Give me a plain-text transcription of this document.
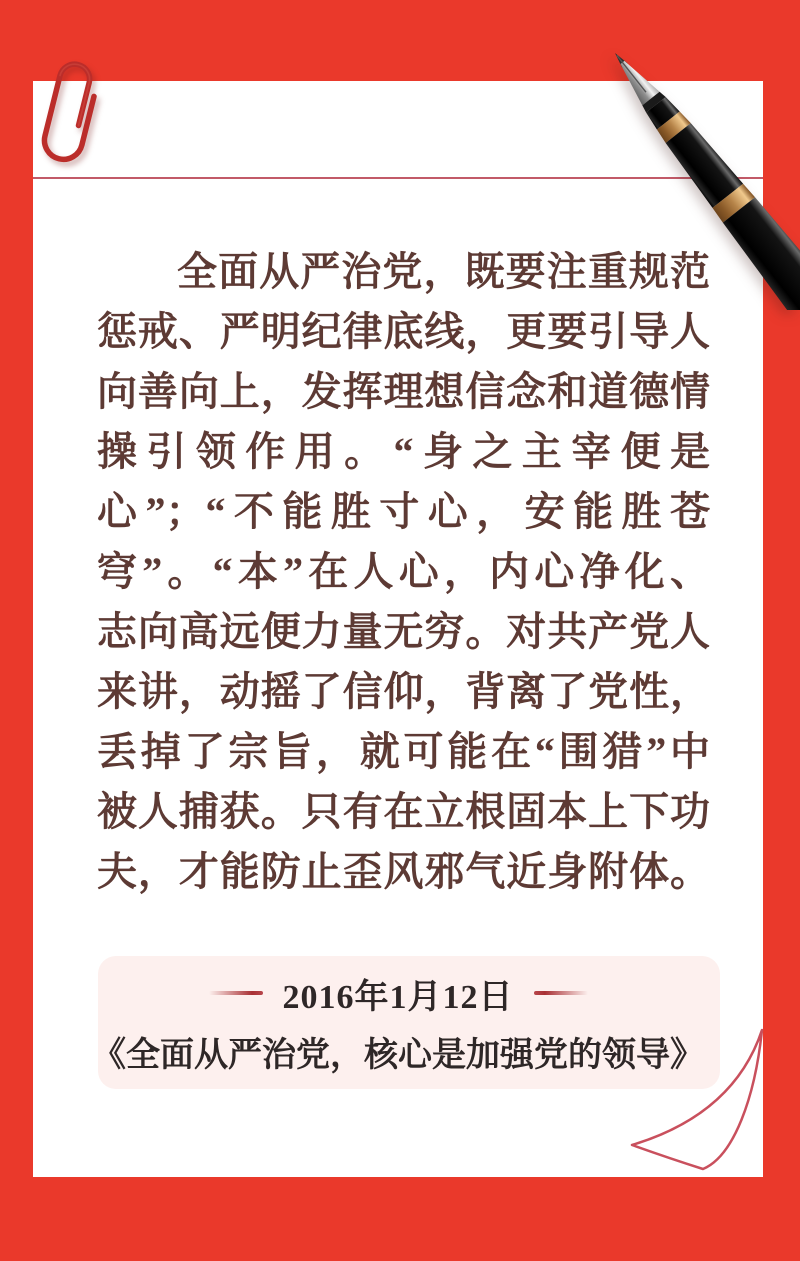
全面从严治党，既要注重规范
惩戒、严明纪律底线，更要引导人
向善向上，发挥理想信念和道德情
操引领作用。“身之主宰便是
心”；“不能胜寸心，安能胜苍
穹”。“本”在人心，内心净化、
志向高远便力量无穷。对共产党人
来讲，动摇了信仰，背离了党性，
丢掉了宗旨，就可能在“围猎”中
被人捕获。只有在立根固本上下功
夫，才能防止歪风邪气近身附体。
2016年1月12日
《全面从严治党，核心是加强党的领导》
